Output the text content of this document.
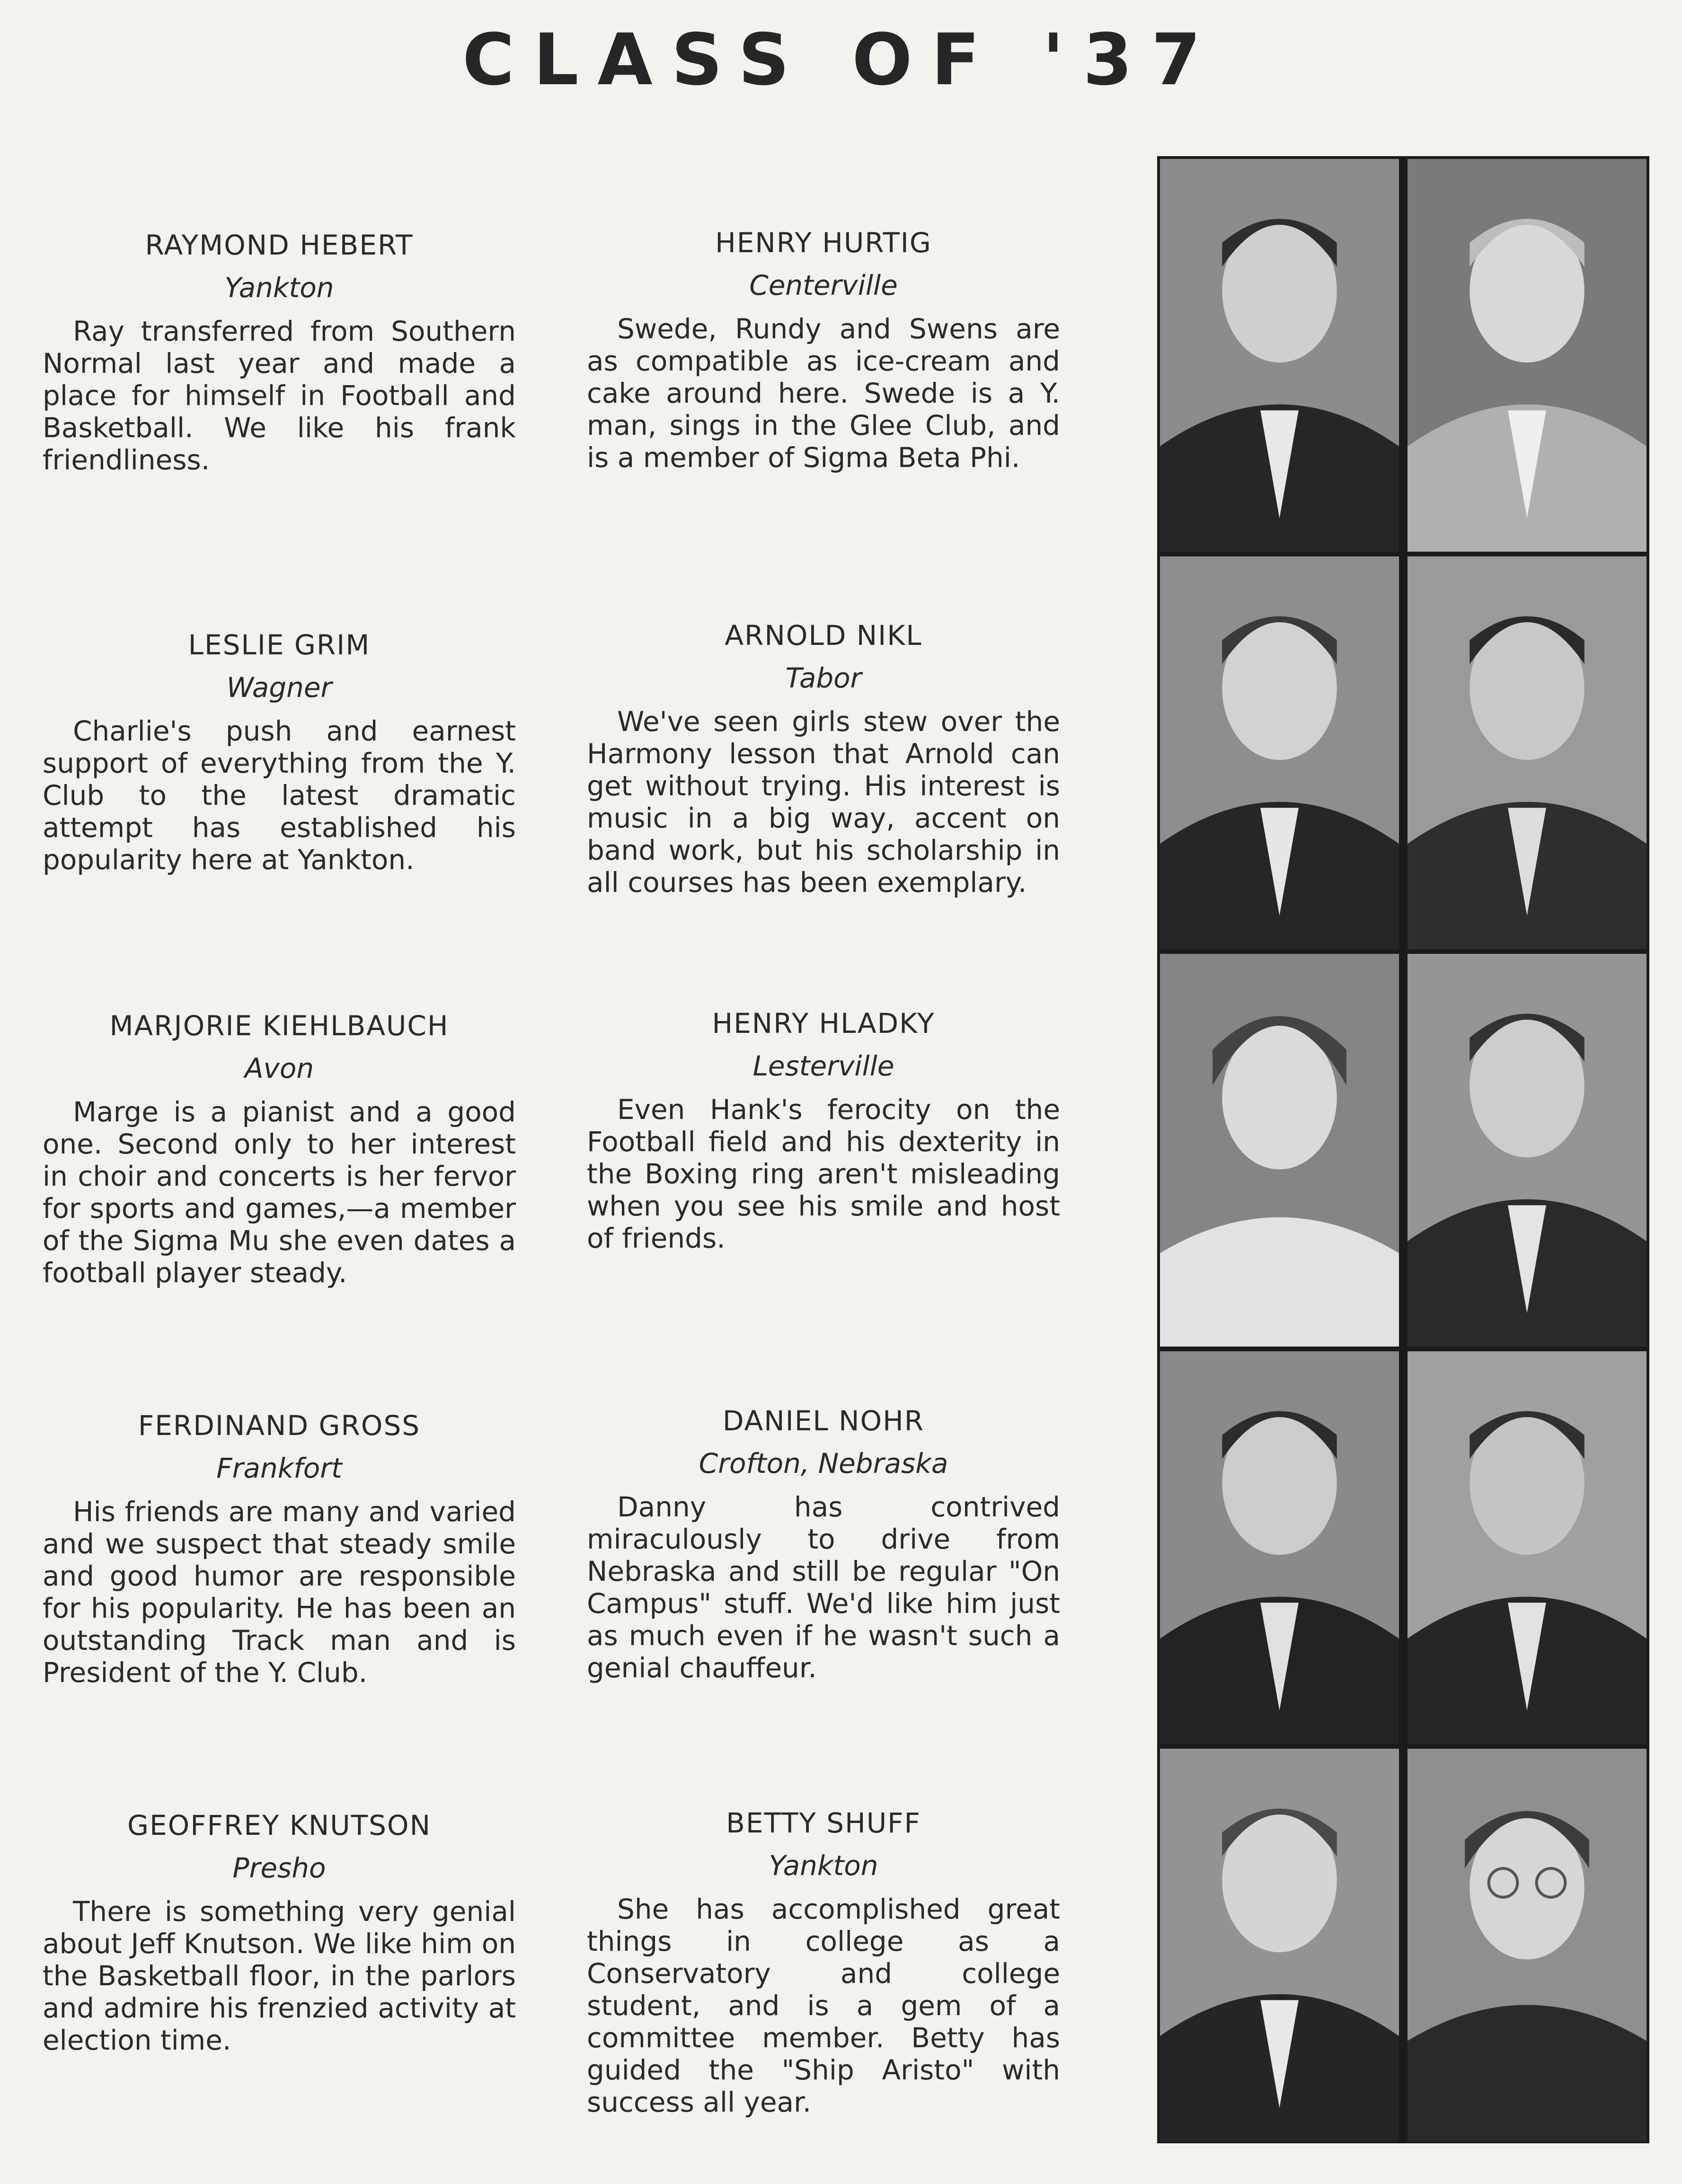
CLASS OF '37
RAYMOND HEBERT
Yankton

Ray transferred from Southern Normal last year and made a place for himself in Football and Basketball. We like his frank friendliness.

HENRY HURTIG
Centerville

Swede, Rundy and Swens are as compatible as ice-cream and cake around here. Swede is a Y. man, sings in the Glee Club, and is a member of Sigma Beta Phi.

LESLIE GRIM
Wagner

Charlie's push and earnest support of everything from the Y. Club to the latest dramatic attempt has established his popularity here at Yankton.

ARNOLD NIKL
Tabor

We've seen girls stew over the Harmony lesson that Arnold can get without trying. His interest is music in a big way, accent on band work, but his scholarship in all courses has been exemplary.

MARJORIE KIEHLBAUCH
Avon

Marge is a pianist and a good one. Second only to her interest in choir and concerts is her fervor for sports and games,—a member of the Sigma Mu she even dates a football player steady.

HENRY HLADKY
Lesterville

Even Hank's ferocity on the Football field and his dexterity in the Boxing ring aren't misleading when you see his smile and host of friends.

FERDINAND GROSS
Frankfort

His friends are many and varied and we suspect that steady smile and good humor are responsible for his popularity. He has been an outstanding Track man and is President of the Y. Club.

DANIEL NOHR
Crofton, Nebraska

Danny has contrived miraculously to drive from Nebraska and still be regular "On Campus" stuff. We'd like him just as much even if he wasn't such a genial chauffeur.

GEOFFREY KNUTSON
Presho

There is something very genial about Jeff Knutson. We like him on the Basketball floor, in the parlors and admire his frenzied activity at election time.

BETTY SHUFF
Yankton

She has accomplished great things in college as a Conservatory and college student, and is a gem of a committee member. Betty has guided the "Ship Aristo" with success all year.
